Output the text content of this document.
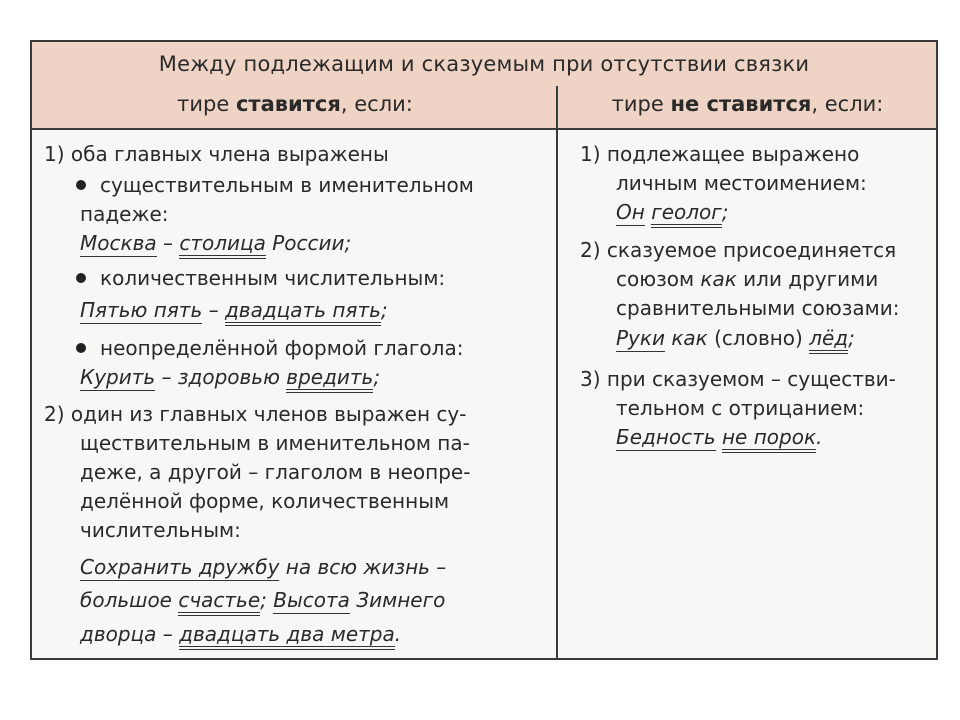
Между подлежащим и сказуемым при отсутствии связки
тире ставится, если:	тире не ставится, если:
1) оба главных члена выражены
существительным в именительном
падеже:
Москва – столица России;
количественным числительным:
Пятью пять – двадцать пять;
неопределённой формой глагола:
Курить – здоровью вредить;
2) один из главных членов выражен су-
ществительным в именительном па-
деже, а другой – глаголом в неопре-
делённой форме, количественным
числительным:
Сохранить дружбу на всю жизнь –
большое счастье; Высота Зимнего
дворца – двадцать два метра.
1) подлежащее выражено
личным местоимением:
Он геолог;
2) сказуемое присоединяется
союзом как или другими
сравнительными союзами:
Руки как (словно) лёд;
3) при сказуемом – существи-
тельном с отрицанием:
Бедность не порок.
